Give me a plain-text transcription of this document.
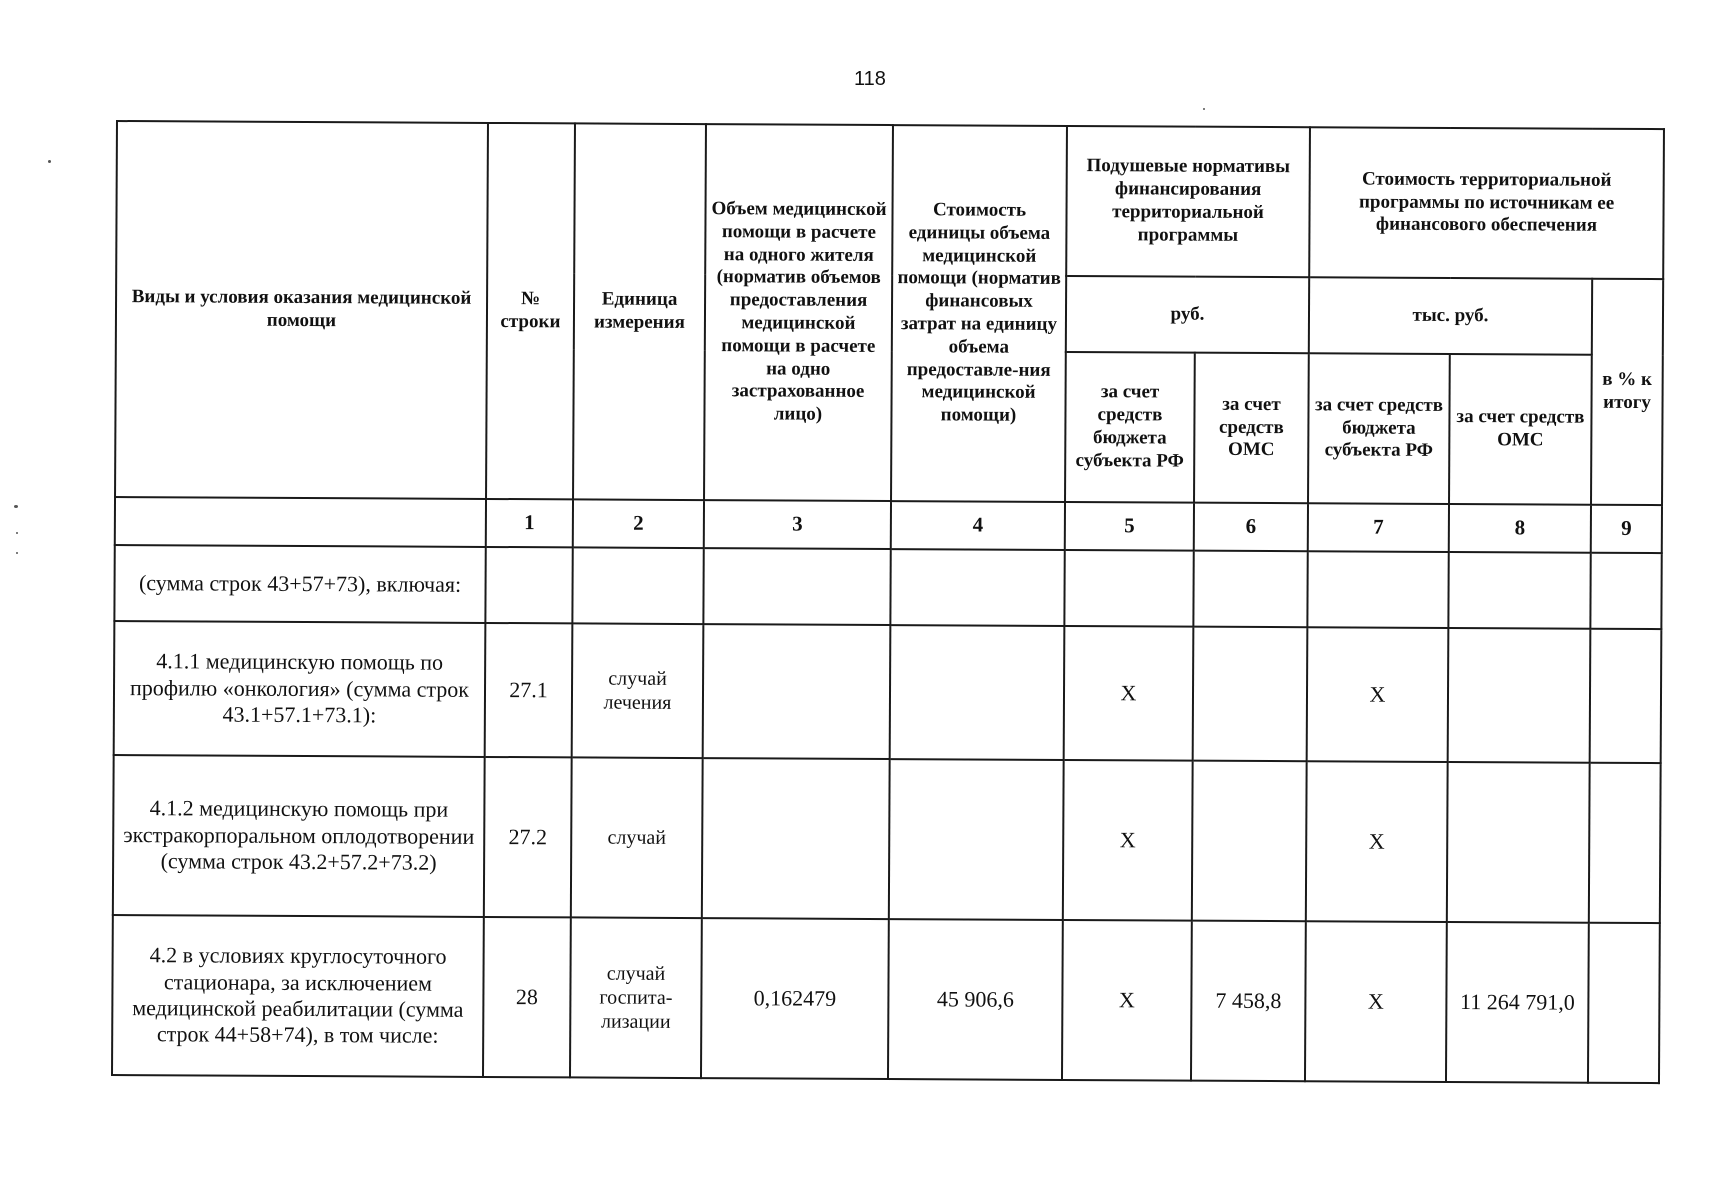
118
Виды и условия оказания медицинской помощи	№ строки	Единица измерения	Объем медицинской помощи в расчете на одного жителя (норматив объемов предоставления медицинской помощи в расчете на одно застрахованное лицо)	Стоимость единицы объема медицинской помощи (норматив финансовых затрат на единицу объема предоставле-ния медицинской помощи)	Подушевые нормативы финансирования территориальной программы		Стоимость территориальной программы по источникам ее финансового обеспечения		
					руб.		тыс. руб.		в % к итогу
					за счет средств бюджета субъекта РФ	за счет средств ОМС	за счет средств бюджета субъекта РФ	за счет средств ОМС	
	1	2	3	4	5	6	7	8	9
(сумма строк 43+57+73), включая:									
4.1.1 медицинскую помощь по профилю «онкология» (сумма строк 43.1+57.1+73.1):	27.1	случай лечения			X		X		
4.1.2 медицинскую помощь при экстракорпоральном оплодотворении (сумма строк 43.2+57.2+73.2)	27.2	случай			X		X		
4.2 в условиях круглосуточного стационара, за исключением медицинской реабилитации (сумма строк 44+58+74), в том числе:	28	случай госпита-лизации	0,162479	45 906,6	X	7 458,8	X	11 264 791,0	
